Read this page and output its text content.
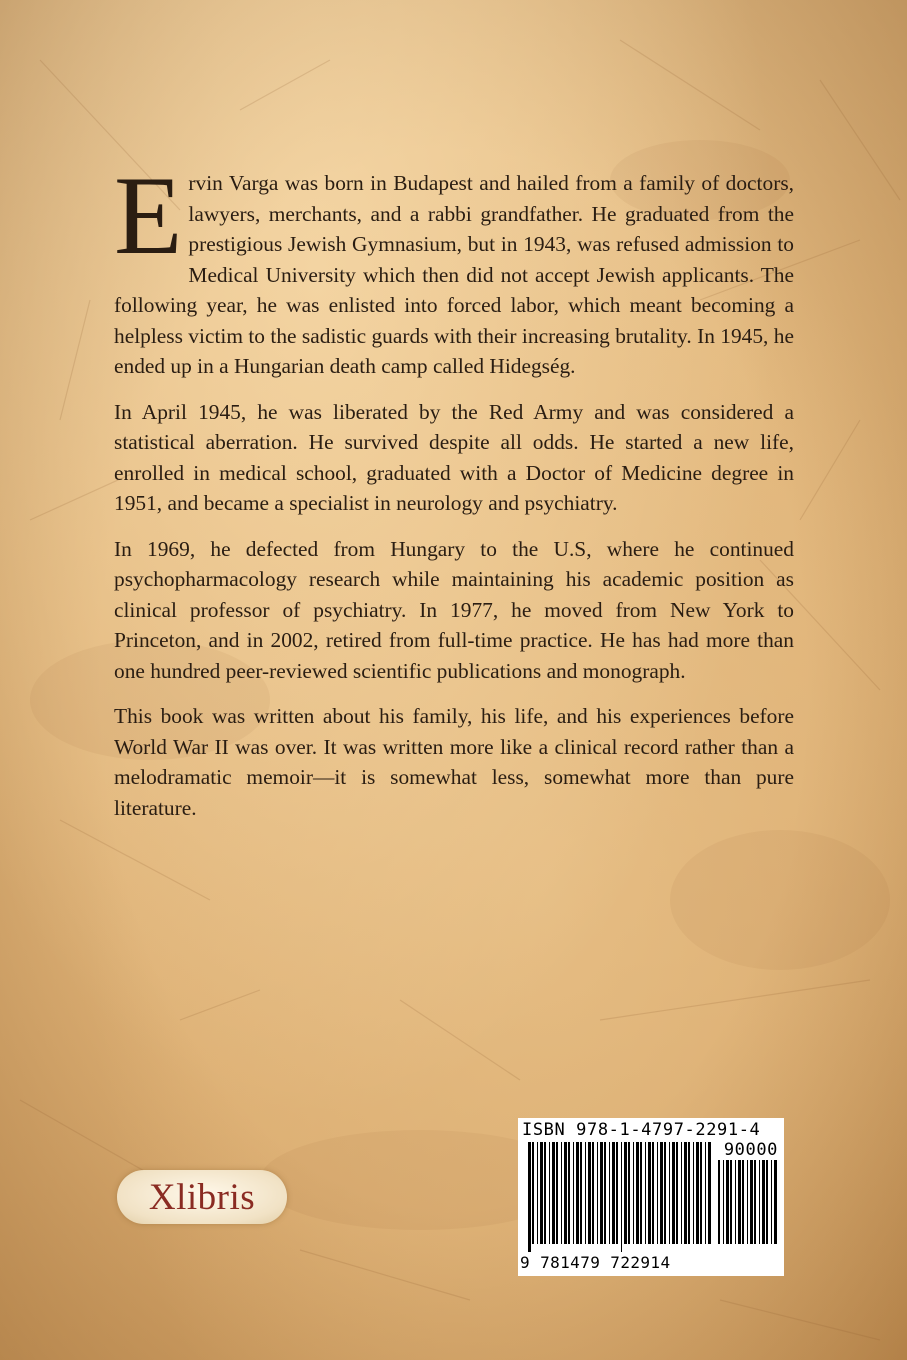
Ervin Varga was born in Budapest and hailed from a family of doctors, lawyers, merchants, and a rabbi grandfather. He graduated from the prestigious Jewish Gymnasium, but in 1943, was refused admission to Medical University which then did not accept Jewish applicants. The following year, he was enlisted into forced labor, which meant becoming a helpless victim to the sadistic guards with their increasing brutality. In 1945, he ended up in a Hungarian death camp called Hidegség.

In April 1945, he was liberated by the Red Army and was considered a statistical aberration. He survived despite all odds. He started a new life, enrolled in medical school, graduated with a Doctor of Medicine degree in 1951, and became a specialist in neurology and psychiatry.

In 1969, he defected from Hungary to the U.S, where he continued psychopharmacology research while maintaining his academic position as clinical professor of psychiatry. In 1977, he moved from New York to Princeton, and in 2002, retired from full-time practice. He has had more than one hundred peer-reviewed scientific publications and monograph.

This book was written about his family, his life, and his experiences before World War II was over. It was written more like a clinical record rather than a melodramatic memoir—it is somewhat less, somewhat more than pure literature.

Xlibris
ISBN 978-1-4797-2291-4
90000
9 781479 722914
